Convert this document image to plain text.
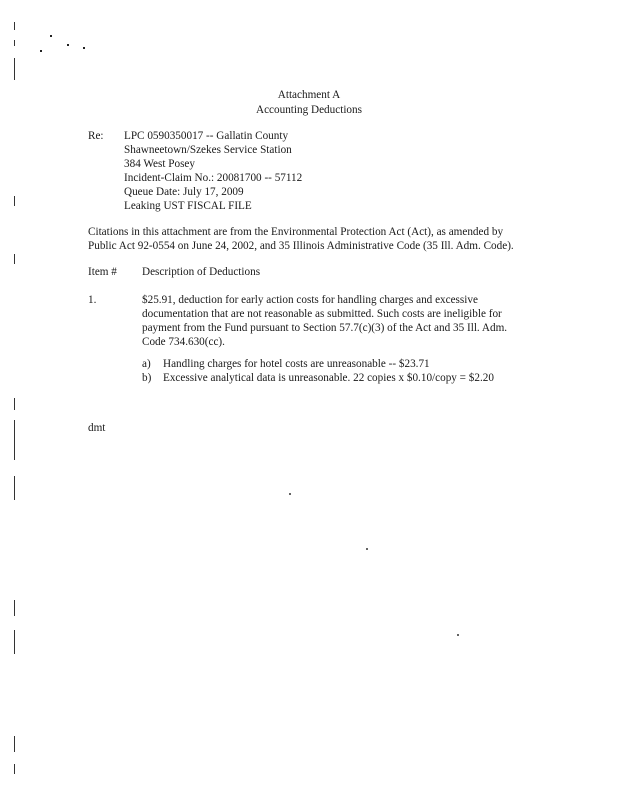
Attachment A
Accounting Deductions
Re: LPC 0590350017 -- Gallatin County
Shawneetown/Szekes Service Station
384 West Posey
Incident-Claim No.: 20081700 -- 57112
Queue Date: July 17, 2009
Leaking UST FISCAL FILE
Citations in this attachment are from the Environmental Protection Act (Act), as amended by
Public Act 92-0554 on June 24, 2002, and 35 Illinois Administrative Code (35 Ill. Adm. Code).
Item # Description of Deductions
1.	$25.91, deduction for early action costs for handling charges and excessive
documentation that are not reasonable as submitted. Such costs are ineligible for
payment from the Fund pursuant to Section 57.7(c)(3) of the Act and 35 Ill. Adm.
Code 734.630(cc).
a) Handling charges for hotel costs are unreasonable -- $23.71
b) Excessive analytical data is unreasonable. 22 copies x $0.10/copy = $2.20
dmt
